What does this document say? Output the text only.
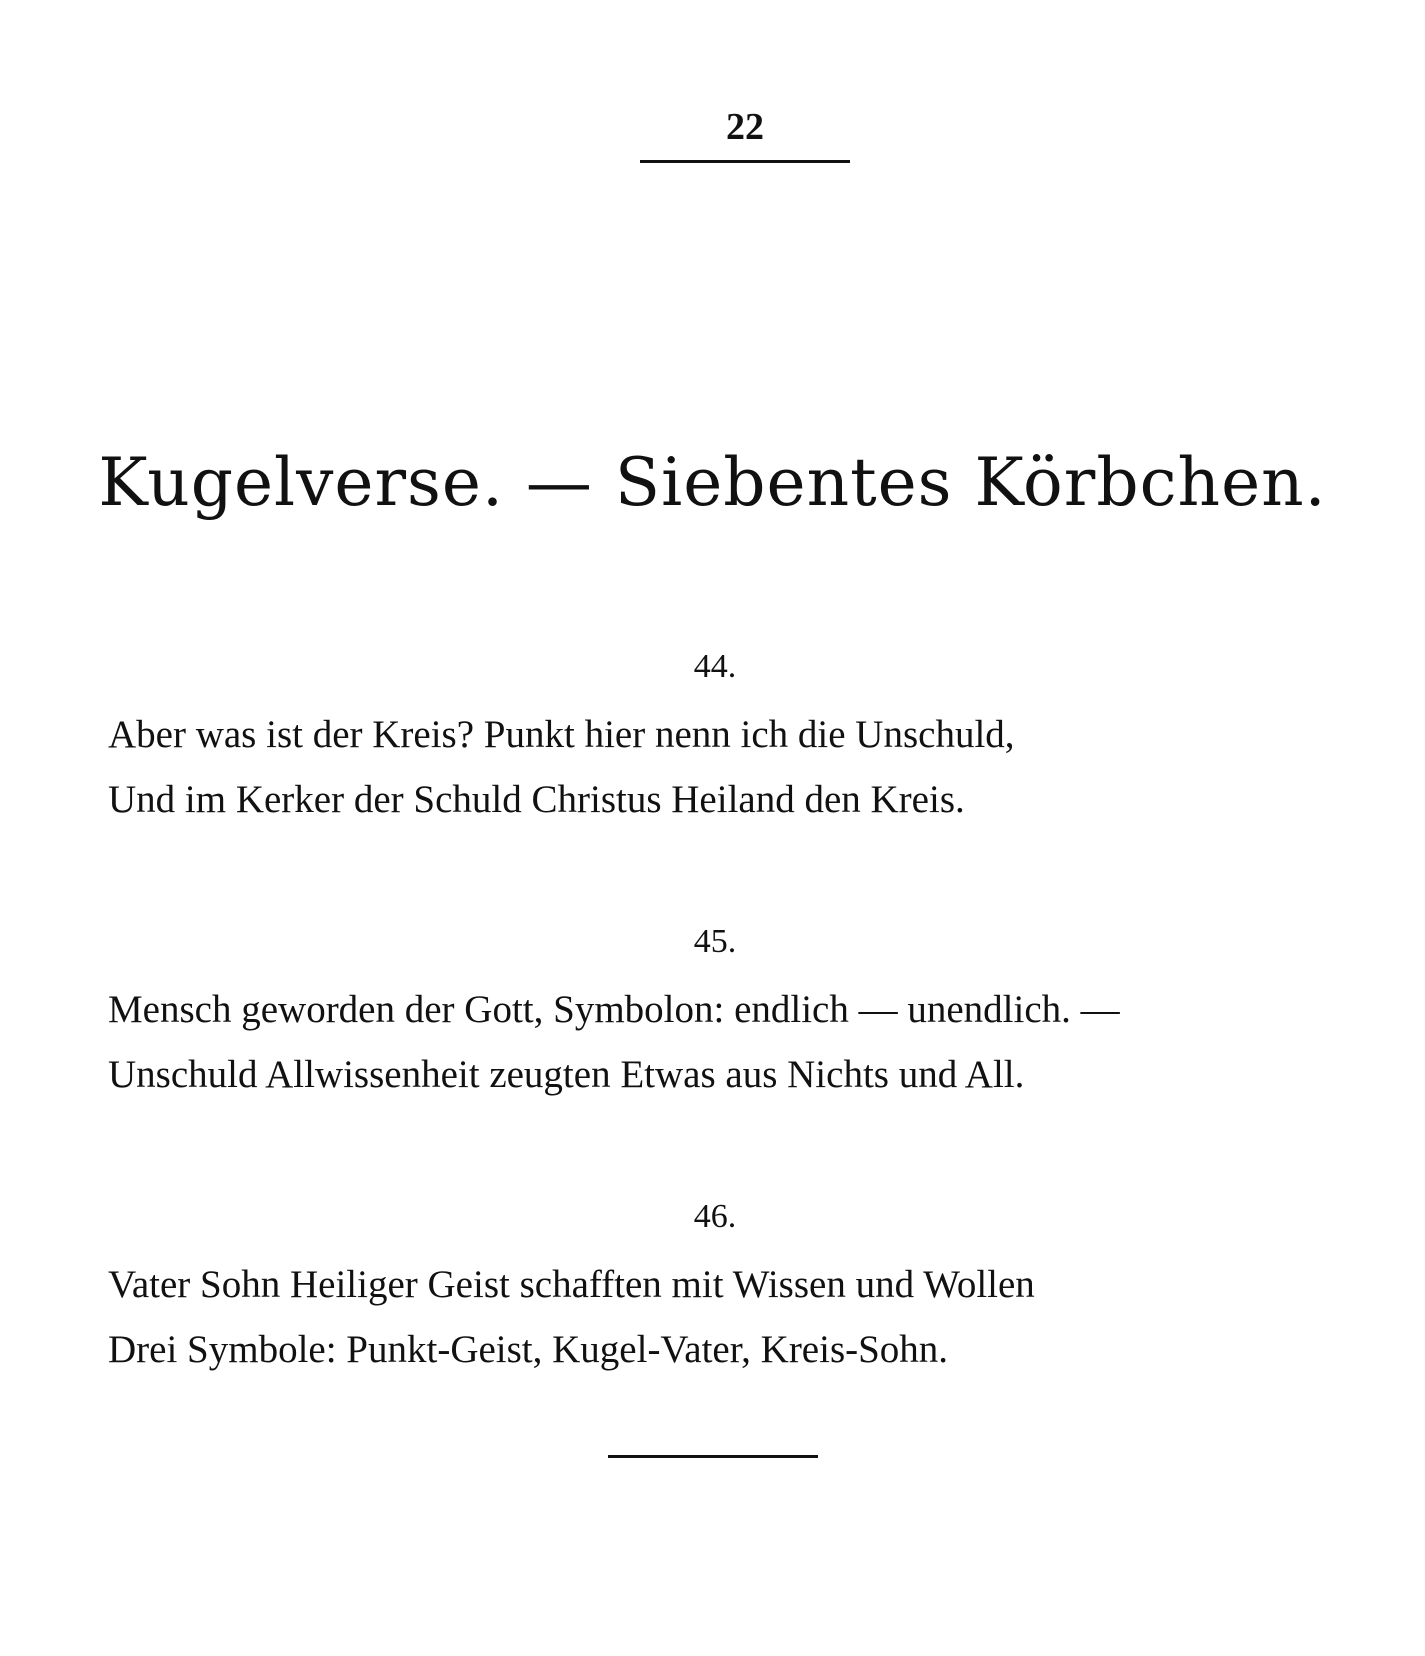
22
Kugelverse. — Siebentes Körbchen.
44.
Aber was ist der Kreis? Punkt hier nenn ich die Unschuld,
Und im Kerker der Schuld Christus Heiland den Kreis.
45.
Mensch geworden der Gott, Symbolon: endlich — unendlich. —
Unschuld Allwissenheit zeugten Etwas aus Nichts und All.
46.
Vater Sohn Heiliger Geist schafften mit Wissen und Wollen
Drei Symbole: Punkt-Geist, Kugel-Vater, Kreis-Sohn.
